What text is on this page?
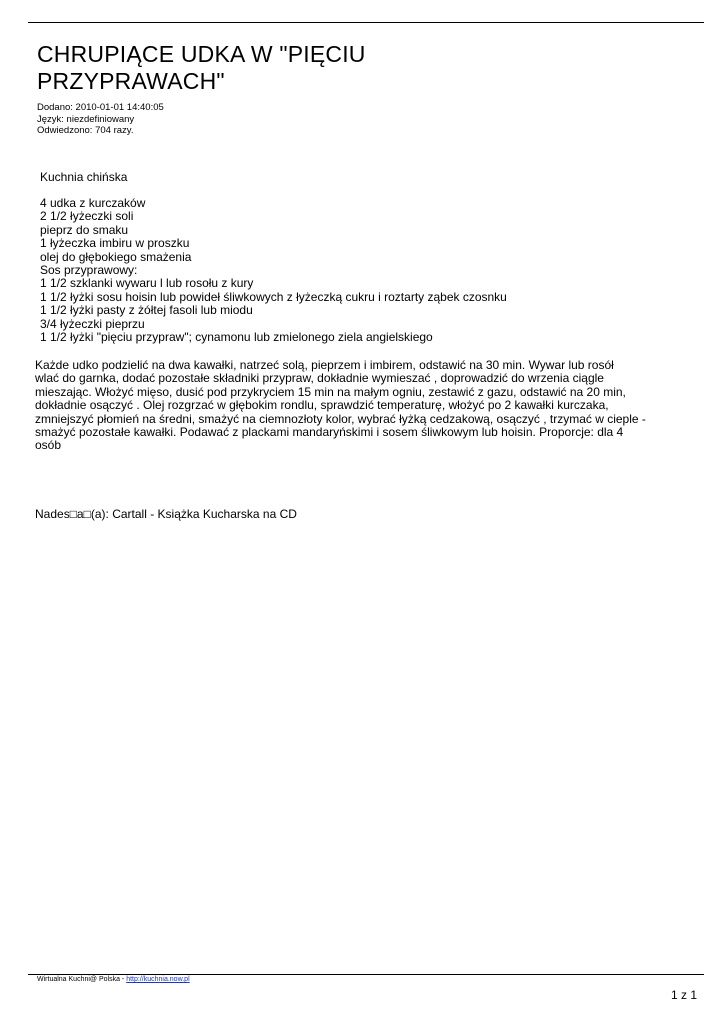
CHRUPIĄCE UDKA W "PIĘCIU
PRZYPRAWACH"
Dodano: 2010-01-01 14:40:05
Język: niezdefiniowany
Odwiedzono: 704 razy.
Kuchnia chińska
4 udka z kurczaków
2 1/2 łyżeczki soli
pieprz do smaku
1 łyżeczka imbiru w proszku
olej do głębokiego smażenia
Sos przyprawowy:
1 1/2 szklanki wywaru l lub rosołu z kury
1 1/2 łyżki sosu hoisin lub powideł śliwkowych z łyżeczką cukru i roztarty ząbek czosnku
1 1/2 łyżki pasty z żółtej fasoli lub miodu
3/4 łyżeczki pieprzu
1 1/2 łyżki "pięciu przypraw"; cynamonu lub zmielonego ziela angielskiego
Każde udko podzielić na dwa kawałki, natrzeć solą, pieprzem i imbirem, odstawić na 30 min. Wywar lub rosół
wlać do garnka, dodać pozostałe składniki przypraw, dokładnie wymieszać , doprowadzić do wrzenia ciągle
mieszając. Włożyć mięso, dusić pod przykryciem 15 min na małym ogniu, zestawić z gazu, odstawić na 20 min,
dokładnie osączyć . Olej rozgrzać w głębokim rondlu, sprawdzić temperaturę, włożyć po 2 kawałki kurczaka,
zmniejszyć płomień na średni, smażyć na ciemnozłoty kolor, wybrać łyżką cedzakową, osączyć , trzymać w cieple -
smażyć pozostałe kawałki. Podawać z plackami mandaryńskimi i sosem śliwkowym lub hoisin. Proporcje: dla 4
osób
Nades□a□(a): Cartall - Książka Kucharska na CD
Wirtualna Kuchni@ Polska - http://kuchnia.now.pl
1 z 1
